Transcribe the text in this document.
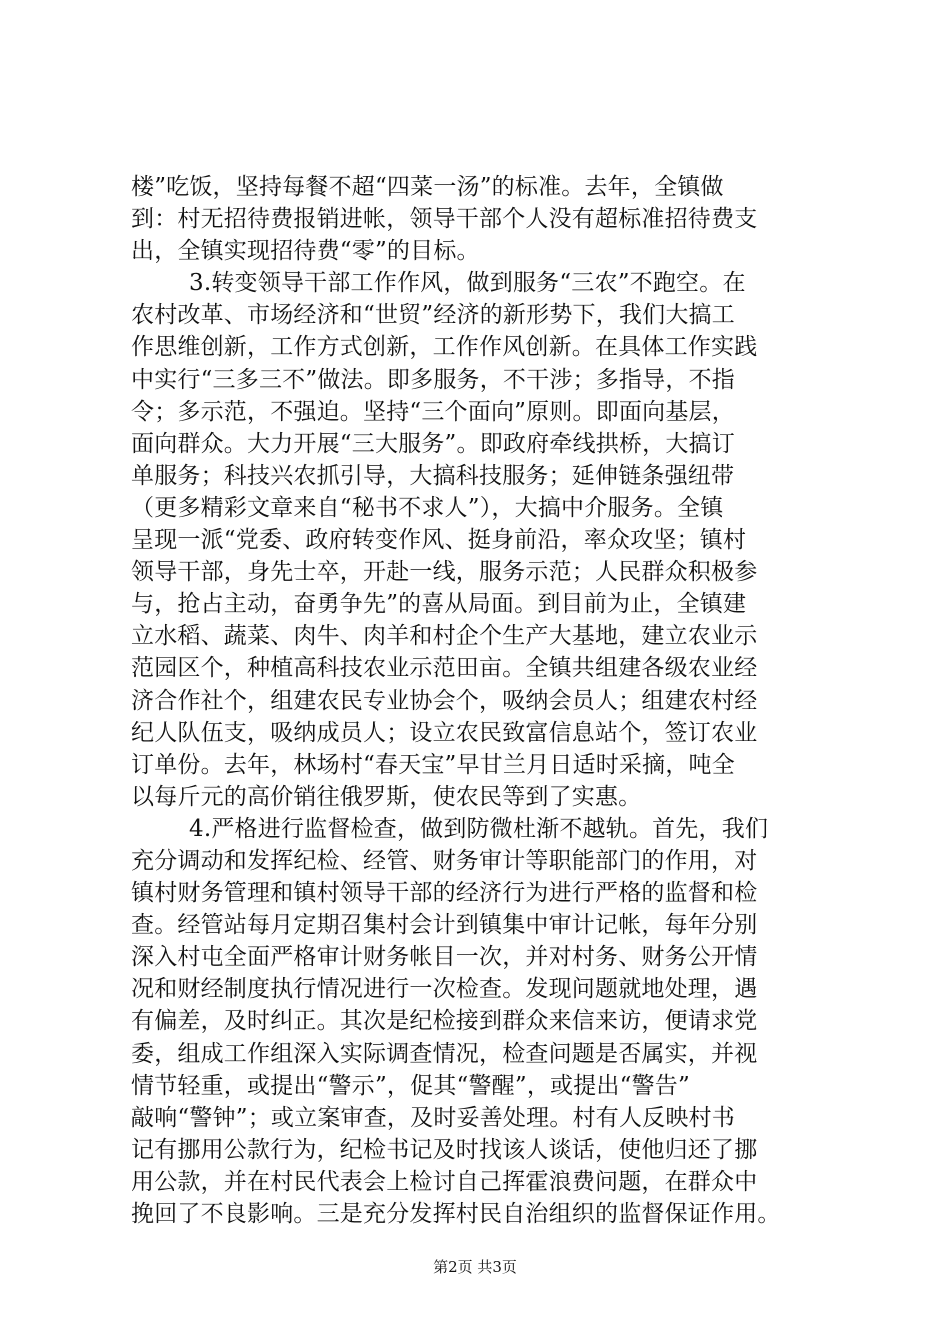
楼”吃饭，坚持每餐不超“四菜一汤”的标准。去年，全镇做
到：村无招待费报销进帐，领导干部个人没有超标准招待费支
出，全镇实现招待费“零”的目标。
3.转变领导干部工作作风，做到服务“三农”不跑空。在
农村改革、市场经济和“世贸”经济的新形势下，我们大搞工
作思维创新，工作方式创新，工作作风创新。在具体工作实践
中实行“三多三不”做法。即多服务，不干涉；多指导，不指
令；多示范，不强迫。坚持“三个面向”原则。即面向基层，
面向群众。大力开展“三大服务”。即政府牵线拱桥，大搞订
单服务；科技兴农抓引导，大搞科技服务；延伸链条强纽带
（更多精彩文章来自“秘书不求人”），大搞中介服务。全镇
呈现一派“党委、政府转变作风、挺身前沿，率众攻坚；镇村
领导干部，身先士卒，开赴一线，服务示范；人民群众积极参
与，抢占主动，奋勇争先”的喜从局面。到目前为止，全镇建
立水稻、蔬菜、肉牛、肉羊和村企个生产大基地，建立农业示
范园区个，种植高科技农业示范田亩。全镇共组建各级农业经
济合作社个，组建农民专业协会个，吸纳会员人；组建农村经
纪人队伍支，吸纳成员人；设立农民致富信息站个，签订农业
订单份。去年，林场村“春天宝”早甘兰月日适时采摘，吨全
以每斤元的高价销往俄罗斯，使农民等到了实惠。
4.严格进行监督检查，做到防微杜渐不越轨。首先，我们
充分调动和发挥纪检、经管、财务审计等职能部门的作用，对
镇村财务管理和镇村领导干部的经济行为进行严格的监督和检
查。经管站每月定期召集村会计到镇集中审计记帐，每年分别
深入村屯全面严格审计财务帐目一次，并对村务、财务公开情
况和财经制度执行情况进行一次检查。发现问题就地处理，遇
有偏差，及时纠正。其次是纪检接到群众来信来访，便请求党
委，组成工作组深入实际调查情况，检查问题是否属实，并视
情节轻重，或提出“警示”，促其“警醒”，或提出“警告”
敲响“警钟”；或立案审查，及时妥善处理。村有人反映村书
记有挪用公款行为，纪检书记及时找该人谈话，使他归还了挪
用公款，并在村民代表会上检讨自己挥霍浪费问题，在群众中
挽回了不良影响。三是充分发挥村民自治组织的监督保证作用。
第2页 共3页
